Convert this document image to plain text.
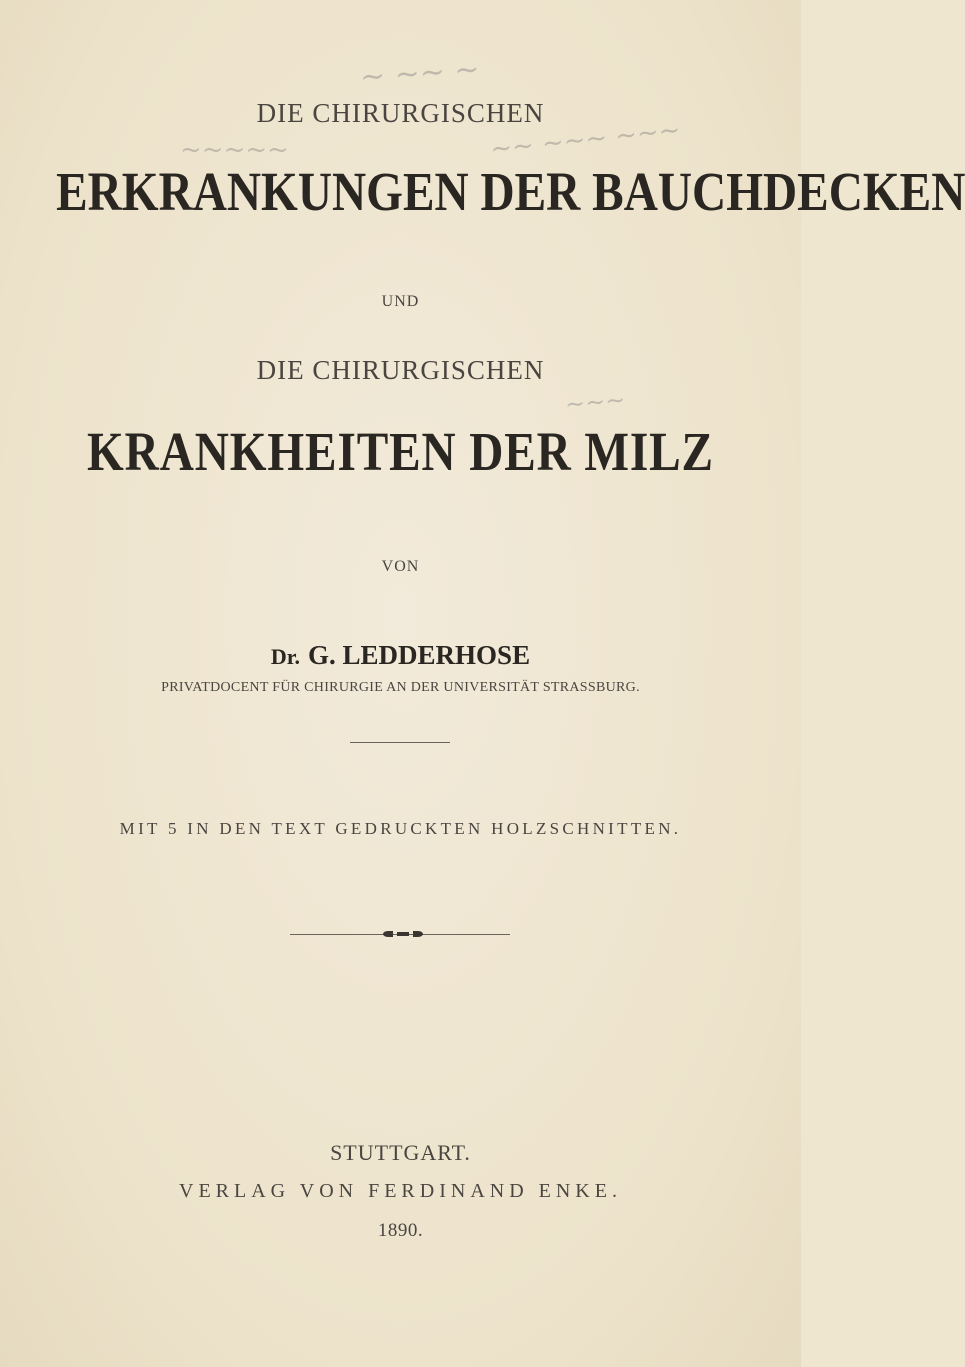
~ ~~ ~
~~~~~	~~ ~~~ ~~~
~~~
DIE CHIRURGISCHEN
ERKRANKUNGEN DER BAUCHDECKEN
UND
DIE CHIRURGISCHEN
KRANKHEITEN DER MILZ
VON
Dr. G. LEDDERHOSE
PRIVATDOCENT FÜR CHIRURGIE AN DER UNIVERSITÄT STRASSBURG.
MIT 5 IN DEN TEXT GEDRUCKTEN HOLZSCHNITTEN.
STUTTGART.
VERLAG VON FERDINAND ENKE.
1890.
